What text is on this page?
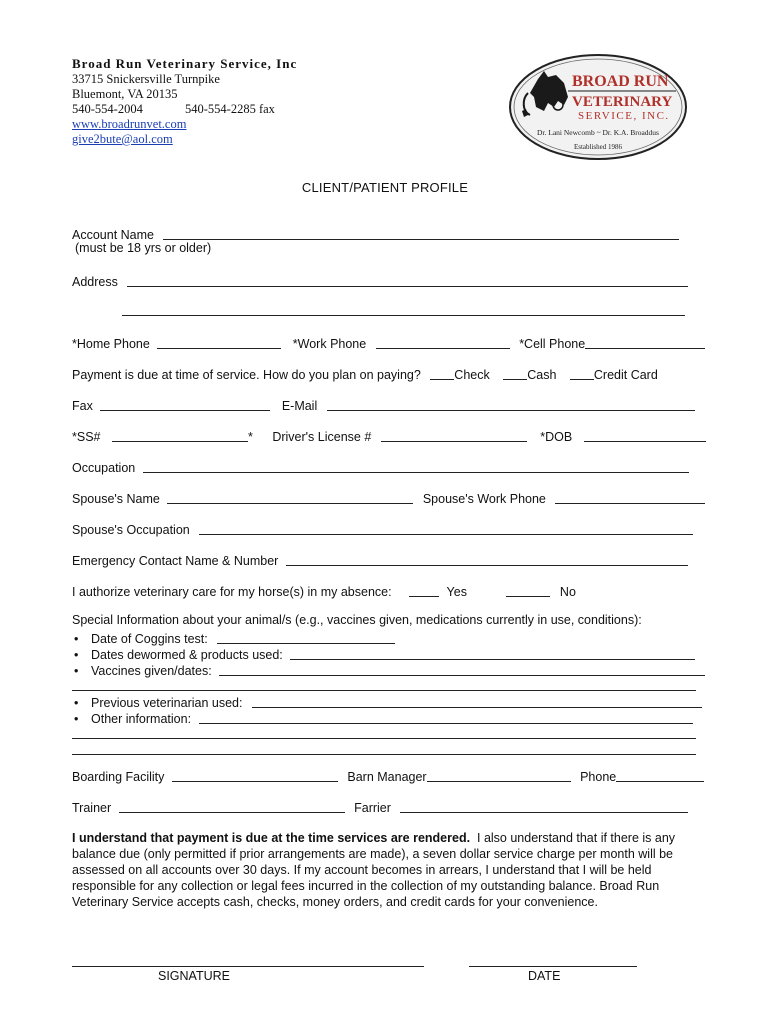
Broad Run Veterinary Service, Inc
33715 Snickersville Turnpike
Bluemont, VA 20135
540-554-2004	540-554-2285 fax
www.broadrunvet.com
give2bute@aol.com
BROAD RUN
VETERINARY
SERVICE, INC.
Dr. Lani Newcomb ~ Dr. K.A. Broaddus
Established 1986
CLIENT/PATIENT PROFILE
Account Name
(must be 18 yrs or older)
Address
*Home Phone	*Work Phone	*Cell Phone
Payment is due at time of service. How do you plan on paying?	Check	Cash	Credit Card
Fax	E-Mail
*SS#	* Driver's License #	*DOB
Occupation
Spouse's Name	Spouse's Work Phone
Spouse's Occupation
Emergency Contact Name & Number
I authorize veterinary care for my horse(s) in my absence:	Yes	No
Special Information about your animal/s (e.g., vaccines given, medications currently in use, conditions):
• Date of Coggins test:
• Dates dewormed & products used:
• Vaccines given/dates:
• Previous veterinarian used:
• Other information:
Boarding Facility	Barn Manager	Phone
Trainer	Farrier
I understand that payment is due at the time services are rendered. I also understand that if there is any balance due (only permitted if prior arrangements are made), a seven dollar service charge per month will be assessed on all accounts over 30 days. If my account becomes in arrears, I understand that I will be held responsible for any collection or legal fees incurred in the collection of my outstanding balance. Broad Run Veterinary Service accepts cash, checks, money orders, and credit cards for your convenience.
SIGNATURE	DATE
